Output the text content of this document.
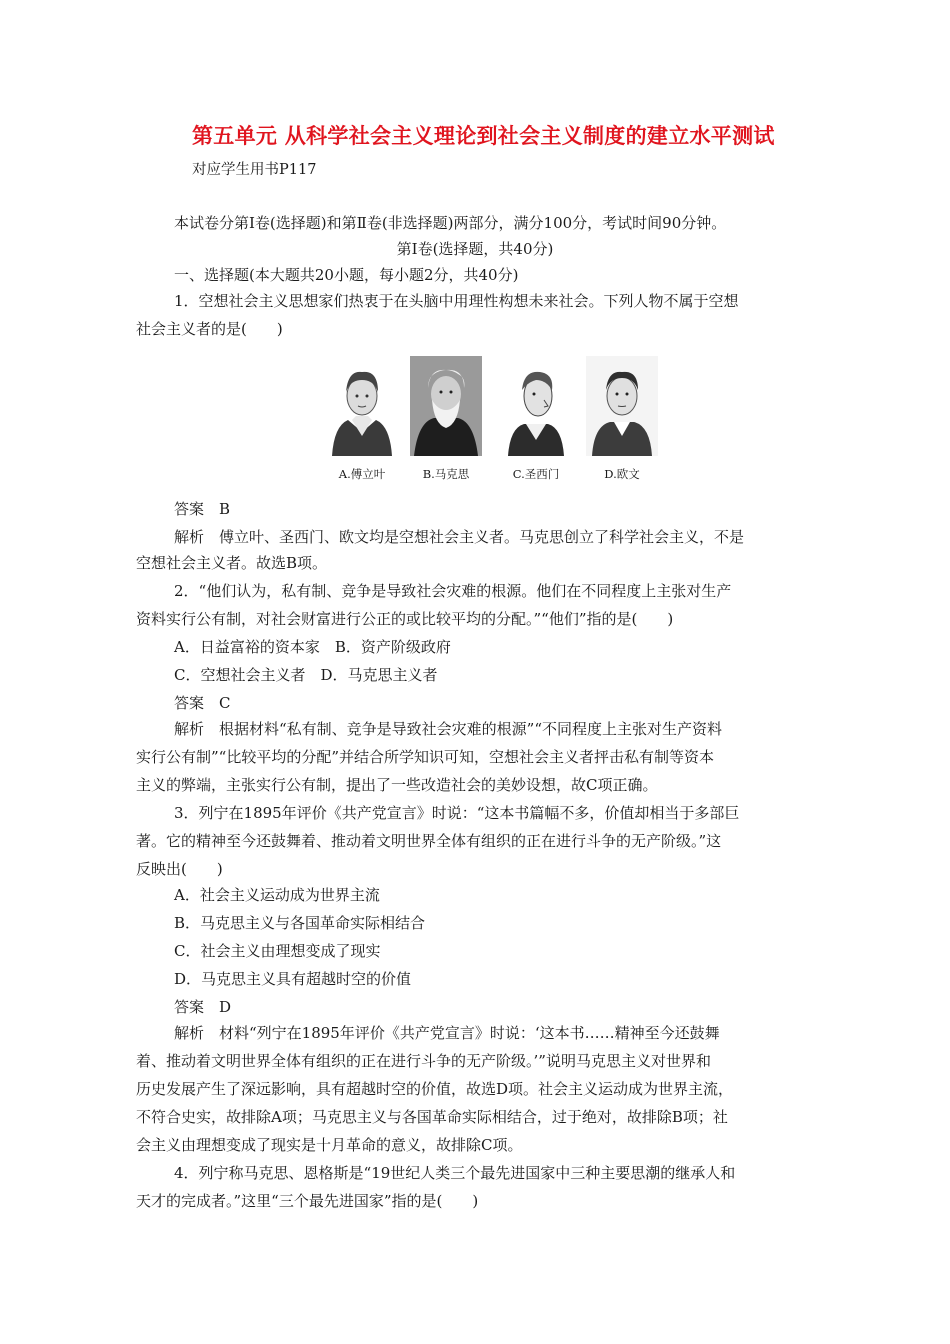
第五单元 从科学社会主义理论到社会主义制度的建立水平测试
对应学生用书P117
本试卷分第Ⅰ卷(选择题)和第Ⅱ卷(非选择题)两部分，满分100分，考试时间90分钟。
第Ⅰ卷(选择题，共40分)
一、选择题(本大题共20小题，每小题2分，共40分)
1．空想社会主义思想家们热衷于在头脑中用理性构想未来社会。下列人物不属于空想
社会主义者的是(　　)
A.傅立叶	B.马克思	C.圣西门	D.欧文
答案　B
解析　傅立叶、圣西门、欧文均是空想社会主义者。马克思创立了科学社会主义，不是
空想社会主义者。故选B项。
2．“他们认为，私有制、竞争是导致社会灾难的根源。他们在不同程度上主张对生产
资料实行公有制，对社会财富进行公正的或比较平均的分配。”“他们”指的是(　　)
A．日益富裕的资本家　B．资产阶级政府
C．空想社会主义者　D．马克思主义者
答案　C
解析　根据材料“私有制、竞争是导致社会灾难的根源”“不同程度上主张对生产资料
实行公有制”“比较平均的分配”并结合所学知识可知，空想社会主义者抨击私有制等资本
主义的弊端，主张实行公有制，提出了一些改造社会的美妙设想，故C项正确。
3．列宁在1895年评价《共产党宣言》时说：“这本书篇幅不多，价值却相当于多部巨
著。它的精神至今还鼓舞着、推动着文明世界全体有组织的正在进行斗争的无产阶级。”这
反映出(　　)
A．社会主义运动成为世界主流
B．马克思主义与各国革命实际相结合
C．社会主义由理想变成了现实
D．马克思主义具有超越时空的价值
答案　D
解析　材料“列宁在1895年评价《共产党宣言》时说：‘这本书……精神至今还鼓舞
着、推动着文明世界全体有组织的正在进行斗争的无产阶级。’”说明马克思主义对世界和
历史发展产生了深远影响，具有超越时空的价值，故选D项。社会主义运动成为世界主流，
不符合史实，故排除A项；马克思主义与各国革命实际相结合，过于绝对，故排除B项；社
会主义由理想变成了现实是十月革命的意义，故排除C项。
4．列宁称马克思、恩格斯是“19世纪人类三个最先进国家中三种主要思潮的继承人和
天才的完成者。”这里“三个最先进国家”指的是(　　)
